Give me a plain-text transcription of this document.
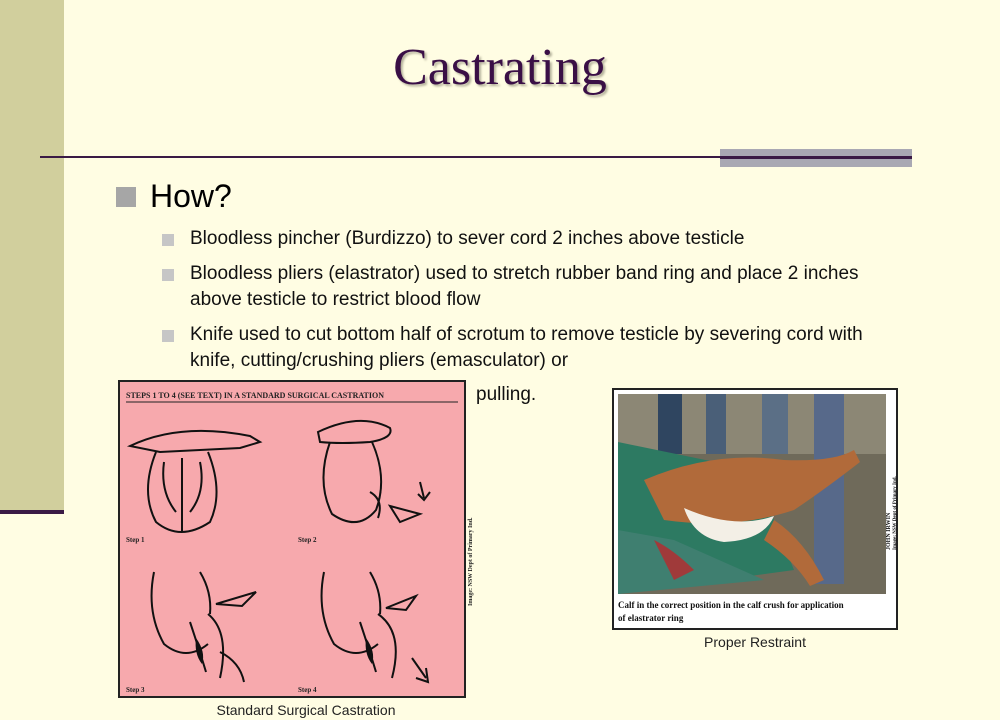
Castrating
How?
Bloodless pincher (Burdizzo) to sever cord 2 inches above testicle
Bloodless pliers (elastrator) used to stretch rubber band ring and place 2 inches above testicle to restrict blood flow
Knife used to cut bottom half of scrotum to remove testicle by severing cord with knife, cutting/crushing pliers (emasculator) or
pulling.
STEPS 1 TO 4 (SEE TEXT) IN A STANDARD SURGICAL CASTRATION
Step 1	Step 2
Step 3	Step 4
Image: NSW Dept of Primary Ind.
Standard Surgical Castration
JOHN IRWIN Image: NSW Dept of Primary Ind.
Calf in the correct position in the calf crush for application
of elastrator ring
Proper Restraint
